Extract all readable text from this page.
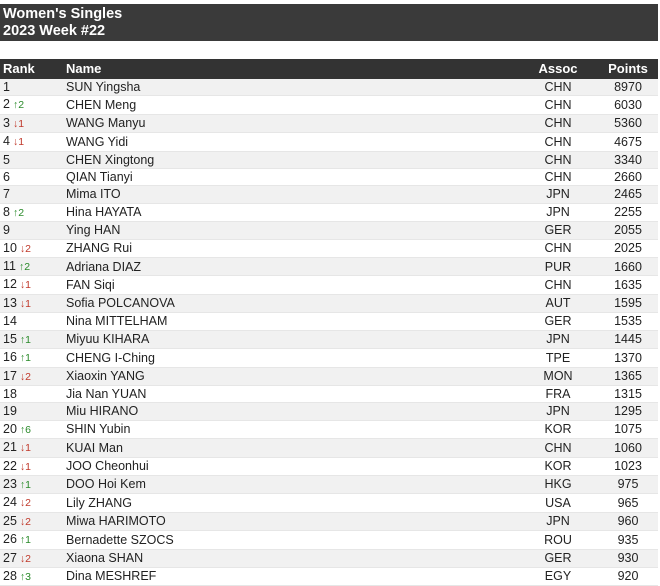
Women's Singles
2023 Week #22
Rank	Name	Assoc	Points
1	SUN Yingsha	CHN	8970
2 ↑2	CHEN Meng	CHN	6030
3 ↓1	WANG Manyu	CHN	5360
4 ↓1	WANG Yidi	CHN	4675
5	CHEN Xingtong	CHN	3340
6	QIAN Tianyi	CHN	2660
7	Mima ITO	JPN	2465
8 ↑2	Hina HAYATA	JPN	2255
9	Ying HAN	GER	2055
10 ↓2	ZHANG Rui	CHN	2025
11 ↑2	Adriana DIAZ	PUR	1660
12 ↓1	FAN Siqi	CHN	1635
13 ↓1	Sofia POLCANOVA	AUT	1595
14	Nina MITTELHAM	GER	1535
15 ↑1	Miyuu KIHARA	JPN	1445
16 ↑1	CHENG I-Ching	TPE	1370
17 ↓2	Xiaoxin YANG	MON	1365
18	Jia Nan YUAN	FRA	1315
19	Miu HIRANO	JPN	1295
20 ↑6	SHIN Yubin	KOR	1075
21 ↓1	KUAI Man	CHN	1060
22 ↓1	JOO Cheonhui	KOR	1023
23 ↑1	DOO Hoi Kem	HKG	975
24 ↓2	Lily ZHANG	USA	965
25 ↓2	Miwa HARIMOTO	JPN	960
26 ↑1	Bernadette SZOCS	ROU	935
27 ↓2	Xiaona SHAN	GER	930
28 ↑3	Dina MESHREF	EGY	920
